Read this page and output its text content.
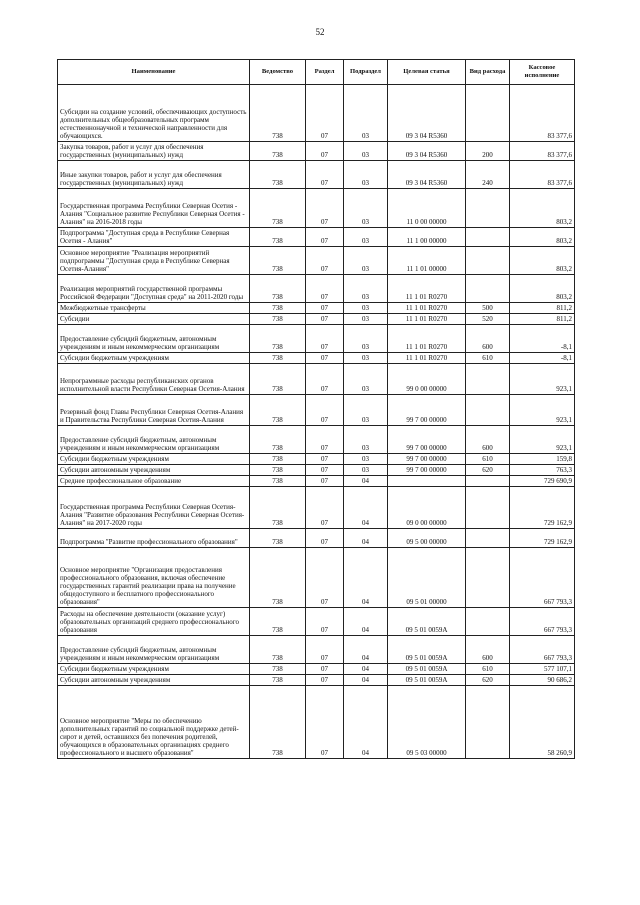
52
Наименование	Ведомство	Раздел	Подраздел	Целевая статья	Вид расхода	Кассовое исполнение
Субсидии на создание условий, обеспечивающих доступность дополнительных общеобразовательных программ естественнонаучной и технической направленности для обучающихся.	738	07	03	09 3 04 R5360		83 377,6
Закупка товаров, работ и услуг для обеспечения государственных (муниципальных) нужд	738	07	03	09 3 04 R5360	200	83 377,6
Иные закупки товаров, работ и услуг для обеспечения государственных (муниципальных) нужд	738	07	03	09 3 04 R5360	240	83 377,6
Государственная программа Республики Северная Осетия - Алания "Социальное развитие Республики Северная Осетия - Алания" на 2016-2018 годы	738	07	03	11 0 00 00000		803,2
Подпрограмма "Доступная среда в Республике Северная Осетия - Алания"	738	07	03	11 1 00 00000		803,2
Основное мероприятие "Реализация мероприятий подпрограммы "Доступная среда в Республике Северная Осетия-Алания"	738	07	03	11 1 01 00000		803,2
Реализация мероприятий государственной программы Российской Федерации "Доступная среда" на 2011-2020 годы	738	07	03	11 1 01 R0270		803,2
Межбюджетные трансферты	738	07	03	11 1 01 R0270	500	811,2
Субсидии	738	07	03	11 1 01 R0270	520	811,2
Предоставление субсидий бюджетным, автономным учреждениям и иным некоммерческим организациям	738	07	03	11 1 01 R0270	600	-8,1
Субсидии бюджетным учреждениям	738	07	03	11 1 01 R0270	610	-8,1
Непрограммные расходы республиканских органов исполнительной власти Республики Северная Осетия-Алания	738	07	03	99 0 00 00000		923,1
Резервный фонд Главы Республики Северная Осетия-Алания и Правительства Республики Северная Осетия-Алания	738	07	03	99 7 00 00000		923,1
Предоставление субсидий бюджетным, автономным учреждениям и иным некоммерческим организациям	738	07	03	99 7 00 00000	600	923,1
Субсидии бюджетным учреждениям	738	07	03	99 7 00 00000	610	159,8
Субсидии автономным учреждениям	738	07	03	99 7 00 00000	620	763,3
Среднее профессиональное образование	738	07	04			729 690,9
Государственная программа Республики Северная Осетия-Алания "Развитие образования Республики Северная Осетия-Алания" на 2017-2020 годы	738	07	04	09 0 00 00000		729 162,9
Подпрограмма "Развитие профессионального образования"	738	07	04	09 5 00 00000		729 162,9
Основное мероприятие "Организация предоставления профессионального образования, включая обеспечение государственных гарантий реализации права на получение общедоступного и бесплатного профессионального образования"	738	07	04	09 5 01 00000		667 793,3
Расходы на обеспечение деятельности (оказание услуг) образовательных организаций среднего профессионального образования	738	07	04	09 5 01 0059А		667 793,3
Предоставление субсидий бюджетным, автономным учреждениям и иным некоммерческим организациям	738	07	04	09 5 01 0059А	600	667 793,3
Субсидии бюджетным учреждениям	738	07	04	09 5 01 0059А	610	577 107,1
Субсидии автономным учреждениям	738	07	04	09 5 01 0059А	620	90 686,2
Основное мероприятие "Меры по обеспечению дополнительных гарантий по социальной поддержке детей-сирот и детей, оставшихся без попечения родителей, обучающихся в образовательных организациях среднего профессионального и высшего образования"	738	07	04	09 5 03 00000		58 260,9
